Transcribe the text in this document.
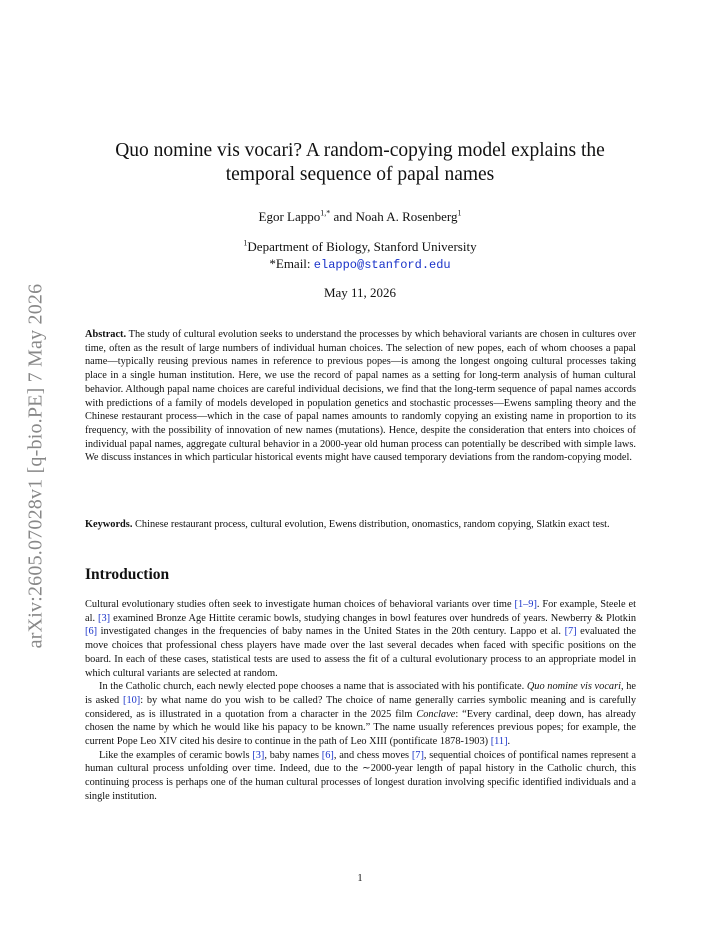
arXiv:2605.07028v1 [q-bio.PE] 7 May 2026
Quo nomine vis vocari? A random-copying model explains the temporal sequence of papal names
Egor Lappo$^{1,*}$ and Noah A. Rosenberg$^1$
$^1$Department of Biology, Stanford University
*Email: elappo@stanford.edu
May 11, 2026
Abstract. The study of cultural evolution seeks to understand the processes by which behavioral variants are chosen in cultures over time, often as the result of large numbers of individual human choices. The selection of new popes, each of whom chooses a papal name—typically reusing previous names in reference to previous popes—is among the longest ongoing cultural processes taking place in a single human institution. Here, we use the record of papal names as a setting for long-term analysis of human cultural behavior. Although papal name choices are careful individual decisions, we find that the long-term sequence of papal names accords with predictions of a family of models developed in population genetics and stochastic processes—Ewens sampling theory and the Chinese restaurant process—which in the case of papal names amounts to randomly copying an existing name in proportion to its frequency, with the possibility of innovation of new names (mutations). Hence, despite the consideration that enters into choices of individual papal names, aggregate cultural behavior in a 2000-year old human process can potentially be described with simple laws. We discuss instances in which particular historical events might have caused temporary deviations from the random-copying model.
Keywords. Chinese restaurant process, cultural evolution, Ewens distribution, onomastics, random copying, Slatkin exact test.
Introduction

Cultural evolutionary studies often seek to investigate human choices of behavioral variants over time [1–9]. For example, Steele et al. [3] examined Bronze Age Hittite ceramic bowls, studying changes in bowl features over hundreds of years. Newberry & Plotkin [6] investigated changes in the frequencies of baby names in the United States in the 20th century. Lappo et al. [7] evaluated the move choices that professional chess players have made over the last several decades when faced with specific positions on the board. In each of these cases, statistical tests are used to assess the fit of a cultural evolutionary process to an appropriate model in which cultural variants are selected at random.

In the Catholic church, each newly elected pope chooses a name that is associated with his pontificate. Quo nomine vis vocari, he is asked [10]: by what name do you wish to be called? The choice of name generally carries symbolic meaning and is carefully considered, as is illustrated in a quotation from a character in the 2025 film Conclave: “Every cardinal, deep down, has already chosen the name by which he would like his papacy to be known.” The name usually references previous popes; for example, the current Pope Leo XIV cited his desire to continue in the path of Leo XIII (pontificate 1878-1903) [11].

Like the examples of ceramic bowls [3], baby names [6], and chess moves [7], sequential choices of pontifical names represent a human cultural process unfolding over time. Indeed, due to the ∼2000-year length of papal history in the Catholic church, this continuing process is perhaps one of the human cultural processes of longest duration involving specific identified individuals and a single institution.

1
